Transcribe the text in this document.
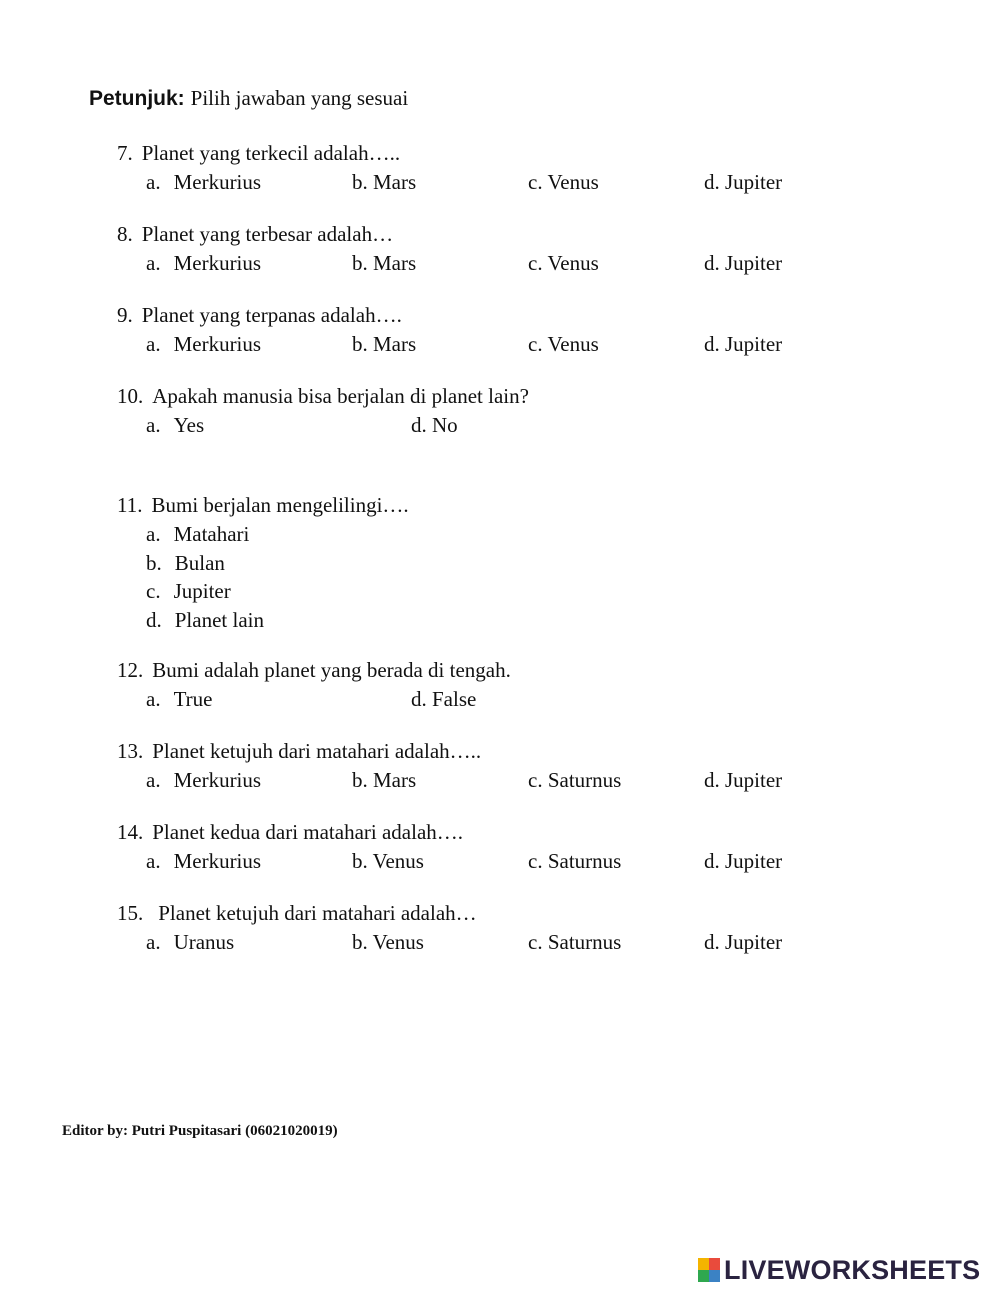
Petunjuk: Pilih jawaban yang sesuai
7. Planet yang terkecil adalah…..
a. Merkurius	b. Mars	c. Venus	d. Jupiter
8. Planet yang terbesar adalah…
a. Merkurius	b. Mars	c. Venus	d. Jupiter
9. Planet yang terpanas adalah….
a. Merkurius	b. Mars	c. Venus	d. Jupiter
10. Apakah manusia bisa berjalan di planet lain?
a. Yes	d. No
11. Bumi berjalan mengelilingi….
a. Matahari
b. Bulan
c. Jupiter
d. Planet lain
12. Bumi adalah planet yang berada di tengah.
a. True	d. False
13. Planet ketujuh dari matahari adalah…..
a. Merkurius	b. Mars	c. Saturnus	d. Jupiter
14. Planet kedua dari matahari adalah….
a. Merkurius	b. Venus	c. Saturnus	d. Jupiter
15. Planet ketujuh dari matahari adalah…
a. Uranus	b. Venus	c. Saturnus	d. Jupiter
Editor by: Putri Puspitasari (06021020019)
LIVEWORKSHEETS
